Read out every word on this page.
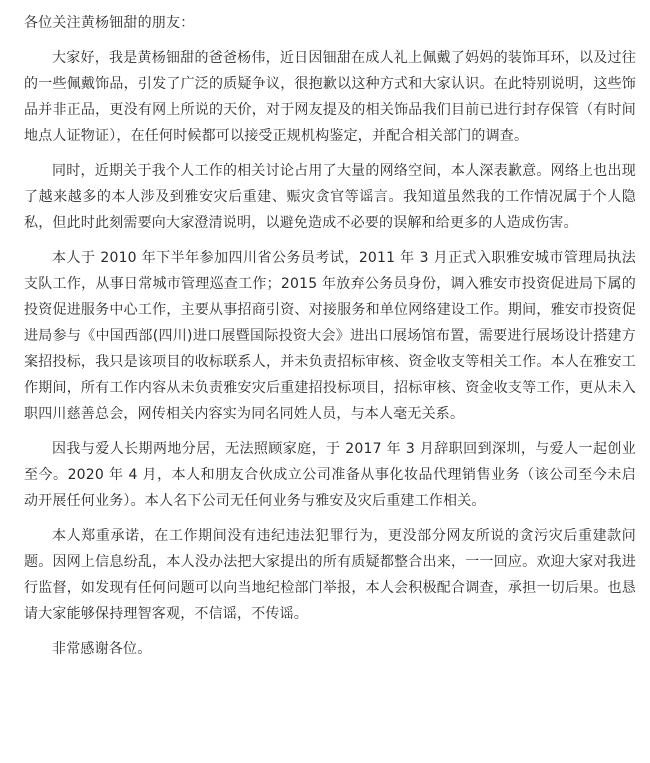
各位关注黄杨钿甜的朋友：
大家好，我是黄杨钿甜的爸爸杨伟，近日因钿甜在成人礼上佩戴了妈妈的装饰耳环，以及过往的一些佩戴饰品，引发了广泛的质疑争议，很抱歉以这种方式和大家认识。在此特别说明，这些饰品并非正品，更没有网上所说的天价，对于网友提及的相关饰品我们目前已进行封存保管（有时间地点人证物证），在任何时候都可以接受正规机构鉴定，并配合相关部门的调查。
同时，近期关于我个人工作的相关讨论占用了大量的网络空间，本人深表歉意。网络上也出现了越来越多的本人涉及到雅安灾后重建、赈灾贪官等谣言。我知道虽然我的工作情况属于个人隐私，但此时此刻需要向大家澄清说明，以避免造成不必要的误解和给更多的人造成伤害。
本人于 2010 年下半年参加四川省公务员考试，2011 年 3 月正式入职雅安城市管理局执法支队工作，从事日常城市管理巡查工作；2015 年放弃公务员身份，调入雅安市投资促进局下属的投资促进服务中心工作，主要从事招商引资、对接服务和单位网络建设工作。期间，雅安市投资促进局参与《中国西部(四川)进口展暨国际投资大会》进出口展场馆布置，需要进行展场设计搭建方案招投标，我只是该项目的收标联系人，并未负责招标审核、资金收支等相关工作。本人在雅安工作期间，所有工作内容从未负责雅安灾后重建招投标项目，招标审核、资金收支等工作，更从未入职四川慈善总会，网传相关内容实为同名同姓人员，与本人毫无关系。
因我与爱人长期两地分居，无法照顾家庭，于 2017 年 3 月辞职回到深圳，与爱人一起创业至今。2020 年 4 月，本人和朋友合伙成立公司准备从事化妆品代理销售业务（该公司至今未启动开展任何业务）。本人名下公司无任何业务与雅安及灾后重建工作相关。
本人郑重承诺，在工作期间没有违纪违法犯罪行为，更没部分网友所说的贪污灾后重建款问题。因网上信息纷乱，本人没办法把大家提出的所有质疑都整合出来，一一回应。欢迎大家对我进行监督，如发现有任何问题可以向当地纪检部门举报，本人会积极配合调查，承担一切后果。也恳请大家能够保持理智客观，不信谣，不传谣。
非常感谢各位。
